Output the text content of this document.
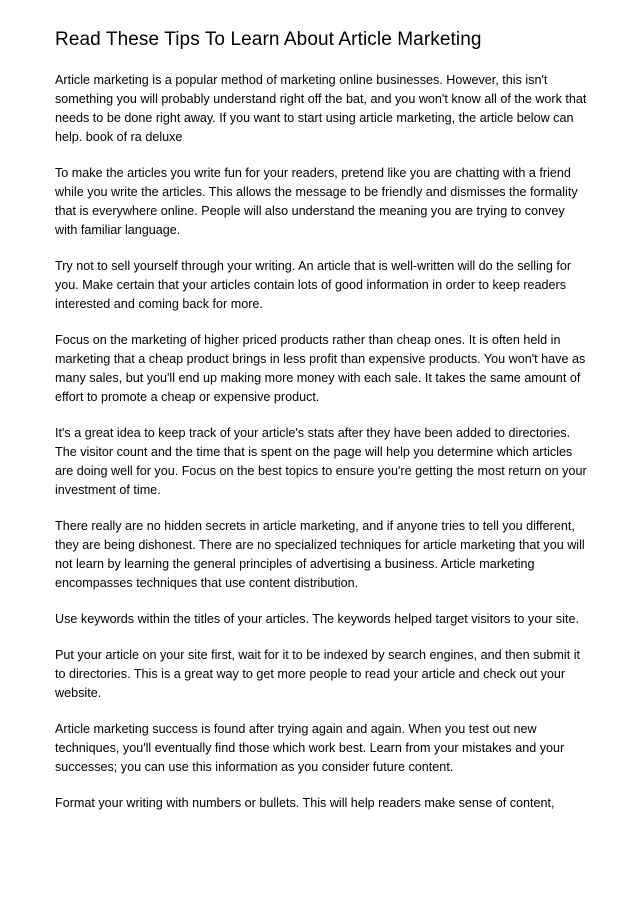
Read These Tips To Learn About Article Marketing

Article marketing is a popular method of marketing online businesses. However, this isn't something you will probably understand right off the bat, and you won't know all of the work that needs to be done right away. If you want to start using article marketing, the article below can help. book of ra deluxe

To make the articles you write fun for your readers, pretend like you are chatting with a friend while you write the articles. This allows the message to be friendly and dismisses the formality that is everywhere online. People will also understand the meaning you are trying to convey with familiar language.

Try not to sell yourself through your writing. An article that is well-written will do the selling for you. Make certain that your articles contain lots of good information in order to keep readers interested and coming back for more.

Focus on the marketing of higher priced products rather than cheap ones. It is often held in marketing that a cheap product brings in less profit than expensive products. You won't have as many sales, but you'll end up making more money with each sale. It takes the same amount of effort to promote a cheap or expensive product.

It's a great idea to keep track of your article's stats after they have been added to directories. The visitor count and the time that is spent on the page will help you determine which articles are doing well for you. Focus on the best topics to ensure you're getting the most return on your investment of time.

There really are no hidden secrets in article marketing, and if anyone tries to tell you different, they are being dishonest. There are no specialized techniques for article marketing that you will not learn by learning the general principles of advertising a business. Article marketing encompasses techniques that use content distribution.

Use keywords within the titles of your articles. The keywords helped target visitors to your site.

Put your article on your site first, wait for it to be indexed by search engines, and then submit it to directories. This is a great way to get more people to read your article and check out your website.

Article marketing success is found after trying again and again. When you test out new techniques, you'll eventually find those which work best. Learn from your mistakes and your successes; you can use this information as you consider future content.

Format your writing with numbers or bullets. This will help readers make sense of content,
